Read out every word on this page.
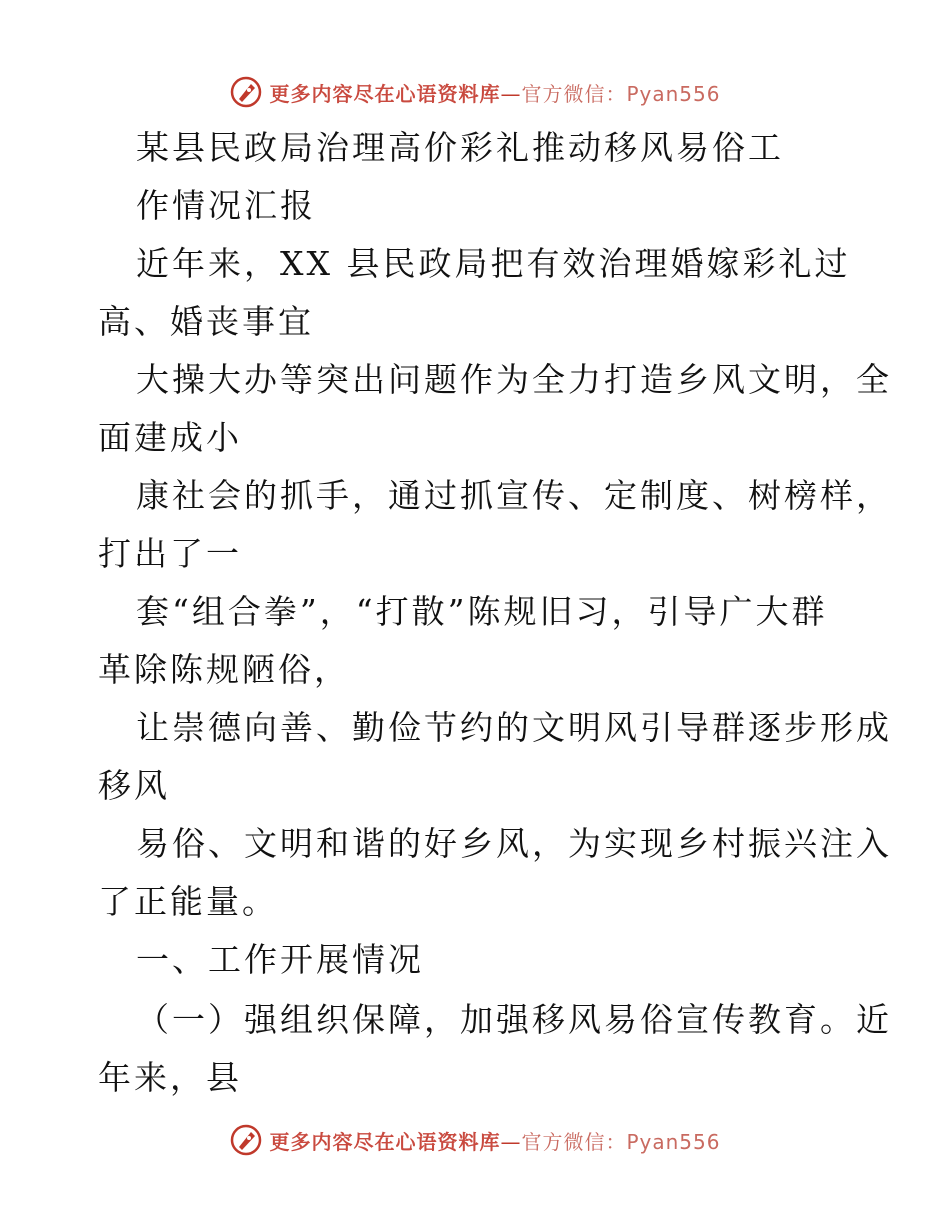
更多内容尽在心语资料库—官方微信：Pyan556
某县民政局治理高价彩礼推动移风易俗工
作情况汇报
近年来，XX 县民政局把有效治理婚嫁彩礼过
高、婚丧事宜
大操大办等突出问题作为全力打造乡风文明，全
面建成小
康社会的抓手，通过抓宣传、定制度、树榜样，
打出了一
套“组合拳”，“打散”陈规旧习，引导广大群
革除陈规陋俗，
让崇德向善、勤俭节约的文明风引导群逐步形成
移风
易俗、文明和谐的好乡风，为实现乡村振兴注入
了正能量。
一、工作开展情况
（一）强组织保障，加强移风易俗宣传教育。近
年来，县
更多内容尽在心语资料库—官方微信：Pyan556
